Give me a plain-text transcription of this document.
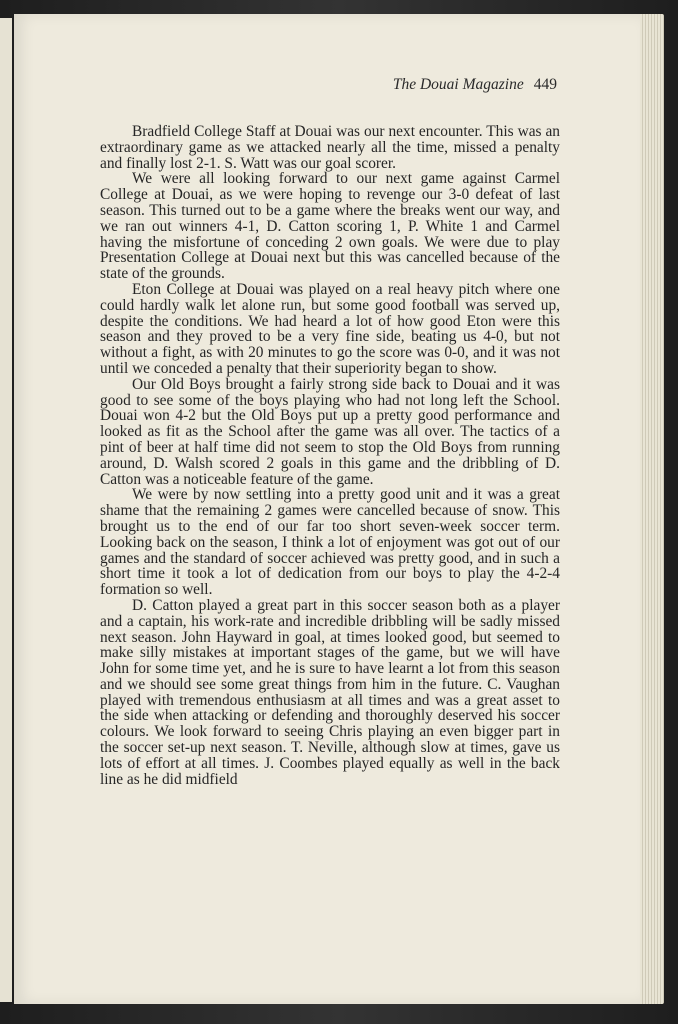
The Douai Magazine 449

Bradfield College Staff at Douai was our next encounter. This was an extraordinary game as we attacked nearly all the time, missed a penalty and finally lost 2-1. S. Watt was our goal scorer.

We were all looking forward to our next game against Carmel College at Douai, as we were hoping to revenge our 3-0 defeat of last season. This turned out to be a game where the breaks went our way, and we ran out winners 4-1, D. Catton scoring 1, P. White 1 and Carmel having the misfortune of conceding 2 own goals. We were due to play Presentation College at Douai next but this was cancelled because of the state of the grounds.

Eton College at Douai was played on a real heavy pitch where one could hardly walk let alone run, but some good football was served up, despite the conditions. We had heard a lot of how good Eton were this season and they proved to be a very fine side, beating us 4-0, but not without a fight, as with 20 minutes to go the score was 0-0, and it was not until we conceded a penalty that their superiority began to show.

Our Old Boys brought a fairly strong side back to Douai and it was good to see some of the boys playing who had not long left the School. Douai won 4-2 but the Old Boys put up a pretty good performance and looked as fit as the School after the game was all over. The tactics of a pint of beer at half time did not seem to stop the Old Boys from running around, D. Walsh scored 2 goals in this game and the dribbling of D. Catton was a noticeable feature of the game.

We were by now settling into a pretty good unit and it was a great shame that the remaining 2 games were cancelled because of snow. This brought us to the end of our far too short seven-week soccer term. Looking back on the season, I think a lot of enjoyment was got out of our games and the standard of soccer achieved was pretty good, and in such a short time it took a lot of dedication from our boys to play the 4-2-4 formation so well.

D. Catton played a great part in this soccer season both as a player and a captain, his work-rate and incredible dribbling will be sadly missed next season. John Hayward in goal, at times looked good, but seemed to make silly mistakes at important stages of the game, but we will have John for some time yet, and he is sure to have learnt a lot from this season and we should see some great things from him in the future. C. Vaughan played with tremendous enthusiasm at all times and was a great asset to the side when attacking or defending and thoroughly deserved his soccer colours. We look forward to seeing Chris playing an even bigger part in the soccer set-up next season. T. Neville, although slow at times, gave us lots of effort at all times. J. Coombes played equally as well in the back line as he did midfield
